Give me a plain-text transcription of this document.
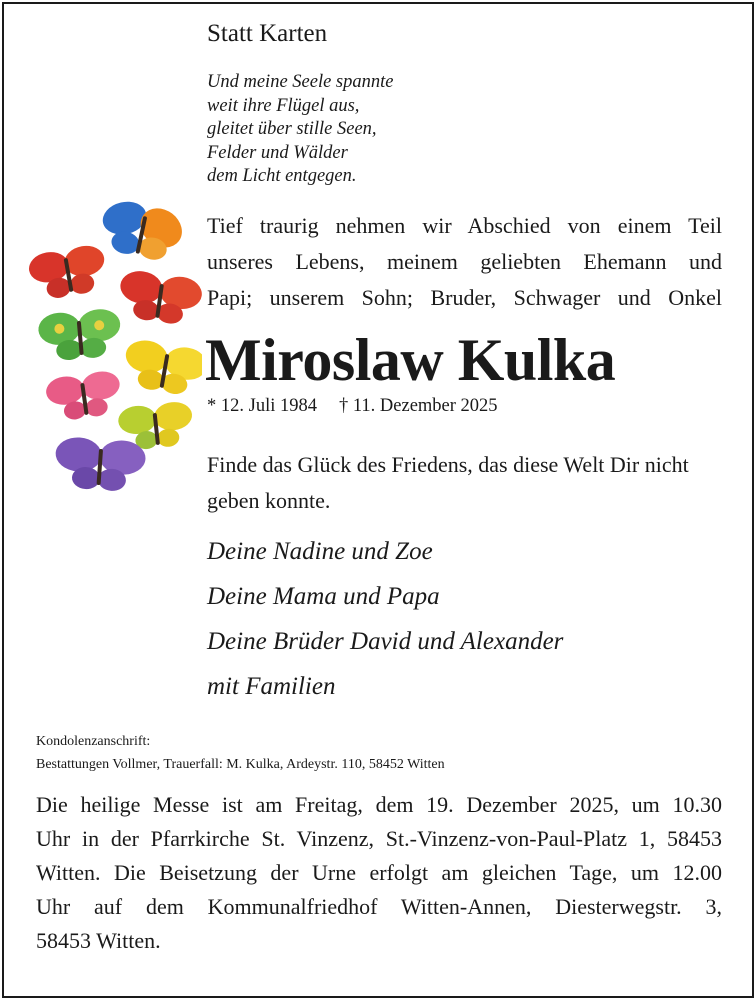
Statt Karten
Und meine Seele spannte
weit ihre Flügel aus,
gleitet über stille Seen,
Felder und Wälder
dem Licht entgegen.
Tief traurig nehmen wir Abschied von einem Teil
unseres Lebens, meinem geliebten Ehemann und
Papi; unserem Sohn; Bruder, Schwager und Onkel
Miroslaw Kulka
* 12. Juli 1984 † 11. Dezember 2025
Finde das Glück des Friedens, das diese Welt Dir nicht geben konnte.
Deine Nadine und Zoe
Deine Mama und Papa
Deine Brüder David und Alexander
mit Familien
Kondolenzanschrift:
Bestattungen Vollmer, Trauerfall: M. Kulka, Ardeystr. 110, 58452 Witten
Die heilige Messe ist am Freitag, dem 19. Dezember 2025, um 10.30
Uhr in der Pfarrkirche St. Vinzenz, St.-Vinzenz-von-Paul-Platz 1, 58453
Witten. Die Beisetzung der Urne erfolgt am gleichen Tage, um 12.00
Uhr auf dem Kommunalfriedhof Witten-Annen, Diesterwegstr. 3,
58453 Witten.
